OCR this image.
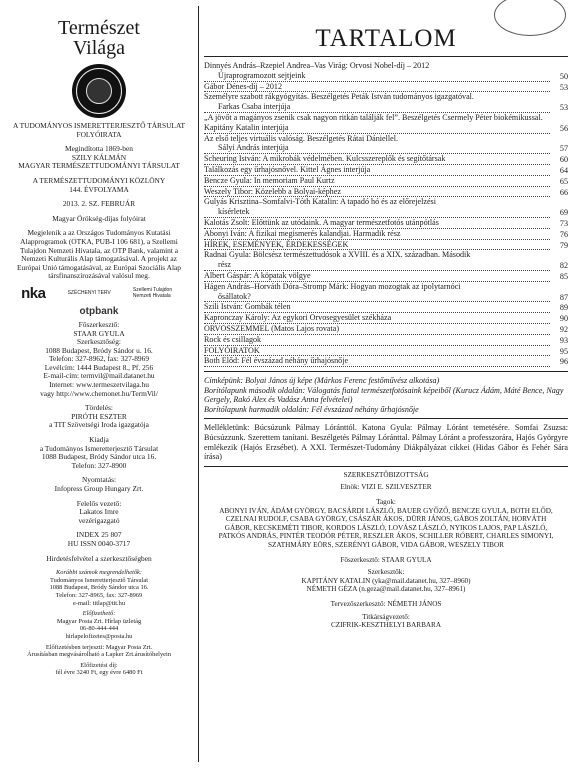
Természet
Világa
A TUDOMÁNYOS ISMERETTERJESZTŐ TÁRSULAT FOLYÓIRATA
Megindította 1869-ben
SZILY KÁLMÁN
MAGYAR TERMÉSZETTUDOMÁNYI TÁRSULAT
A TERMÉSZETTUDOMÁNYI KÖZLÖNY
144. ÉVFOLYAMA
2013. 2. SZ. FEBRUÁR
Magyar Örökség-díjas folyóirat
Megjelenik a az Országos Tudományos Kutatási Alapprogramok (OTKA, PUB-I 106 681), a Szellemi Tulajdon Nemzeti Hivatala, az OTP Bank, valamint a Nemzeti Kulturális Alap támogatásával. A projekt az Európai Unió támogatásával, az Európai Szociális Alap társfinanszírozásával valósul meg.
nka	SZÉCHENYI TERV	Szellemi Tulajdon Nemzeti Hivatala
otpbank
Főszerkesztő:
STAAR GYULA
Szerkesztőség:
1088 Budapest, Bródy Sándor u. 16.
Telefon: 327-8962, fax: 327-8969
Levélcím: 1444 Budapest 8., Pf. 256
E-mail-cím: termvil@mail.datanet.hu
Internet: www.termeszetvilaga.hu
vagy http://www.chemonet.hu/TermVil/
Tördelés:
PIRÓTH ESZTER
a TIT Szövetségi Iroda igazgatója
Kiadja
a Tudományos Ismeretterjesztő Társulat
1088 Budapest, Bródy Sándor utca 16.
Telefon: 327-8900
Nyomtatás:
Infopress Group Hungary Zrt.
Felelős vezető:
Lakatos Imre
vezérigazgató
INDEX 25 807
HU ISSN 0040-3717
Hirdetésfelvétel a szerkesztőségben
Korábbi számok megrendelhetők:
Tudományos Ismeretterjesztő Társulat
1088 Budapest, Bródy Sándor utca 16.
Telefon: 327-8965, fax: 327-8969
e-mail: titlap@tit.hu
Előfizethető:
Magyar Posta Zrt. Hírlap üzletág
06-80-444-444
hirlapelofizetes@posta.hu
Előfizetésben terjeszti: Magyar Posta Zrt.
Árusításban megvásárolható a Lapker Zrt.árusítóhelyein
Előfizetési díj:
fél évre 3240 Ft, egy évre 6480 Ft
TARTALOM
Dinnyés András–Rzepiel Andrea–Vas Virág: Orvosi Nobel-díj – 2012
Újraprogramozott sejtjeink	50
Gábor Dénes-díj – 2012	53
Személyre szabott rákgyógyítás. Beszélgetés Peták István tudományos igazgatóval.
Farkas Csaba interjúja	53
„A jövőt a magányos zsenik csak nagyon ritkán találják fel”. Beszélgetés Csermely Péter biokémikussal. Kapitány Katalin interjúja	56
Az első teljes virtuális valóság. Beszélgetés Rátai Dániellel.
Sályi András interjúja	57
Scheuring István: A mikrobák védelmében. Kulcsszereplők és segítőtársak	60
Találkozás egy űrhajósnővel. Kittel Ágnes interjúja	64
Bencze Gyula: In memoriam Paul Kurtz	65
Weszely Tibor: Közelebb a Bolyai-képhez	66
Gulyás Krisztina–Somfalvi-Tóth Katalin: A tapadó hó és az előrejelzési
kísérletek	69
Kalotás Zsolt: Előttünk az utódaink. A magyar természetfotós utánpótlás	73
Abonyi Iván: A fizikai megismerés kalandjai. Harmadik rész	76
HÍREK, ESEMÉNYEK, ÉRDEKESSÉGEK	79
Radnai Gyula: Bölcsész természettudósok a XVIII. és a XIX. században. Második
rész	82
Albert Gáspár: A köpatak völgye	85
Hágen András–Horváth Dóra–Stromp Márk: Hogyan mozogtak az ipolytarnóci
ősállatok?	87
Szili István: Gombák télen	89
Kapronczay Károly: Az egykori Orvosegyesület székháza	90
ORVOSSZEMMEL (Matos Lajos rovata)	92
Rock és csillagok	93
FOLYÓIRATOK	95
Both Előd: Fél évszázad néhány űrhajósnője	96
Címképünk: Bolyai János új képe (Márkos Ferenc festőművész alkotása)
Borítólapunk második oldalán: Válogatás fiatal természetfotósaink képeiből (Kurucz Ádám, Máté Bence, Nagy Gergely, Rakó Alex és Vadász Anna felvételei)
Borítólapunk harmadik oldalán: Fél évszázad néhány űrhajósnője
Mellékletünk: Búcsúzunk Pálmay Lóránttól. Katona Gyula: Pálmay Lóránt temetésére. Somfai Zsuzsa: Búcsúzzunk. Szerettem tanítani. Beszélgetés Pálmay Lóránttal. Pálmay Lóránt a professzorára, Hajós Györgyre emlékezik (Hajós Erzsébet). A XXI. Természet-Tudomány Diákpályázat cikkei (Hidas Gábor és Fehér Sára írása)
SZERKESZTŐBIZOTTSÁG
Elnök: VIZI E. SZILVESZTER
Tagok:
ABONYI IVÁN, ÁDÁM GYÖRGY, BACSÁRDI LÁSZLÓ, BAUER GYŐZŐ, BENCZE GYULA, BOTH ELŐD, CZELNAI RUDOLF, CSABA GYÖRGY, CSÁSZÁR ÁKOS, DÜRR JÁNOS, GÁBOS ZOLTÁN, HORVÁTH GÁBOR, KECSKEMÉTI TIBOR, KORDOS LÁSZLÓ, LOVÁSZ LÁSZLÓ, NYIKOS LAJOS, PAP LÁSZLÓ, PATKÓS ANDRÁS, PINTÉR TEODÓR PÉTER, RESZLER ÁKOS, SCHILLER RÓBERT, CHARLES SIMONYI, SZATHMÁRY EÖRS, SZERÉNYI GÁBOR, VIDA GÁBOR, WESZELY TIBOR
Főszerkesztő: STAAR GYULA
Szerkesztők:
KAPITÁNY KATALIN (yka@mail.datanet.hu, 327–8960)
NÉMETH GÉZA (n.geza@mail.datanet.hu, 327–8961)
Tervezőszerkesztő: NÉMETH JÁNOS
Titkárságvezető:
CZIFRIK-KESZTHELYI BARBARA
